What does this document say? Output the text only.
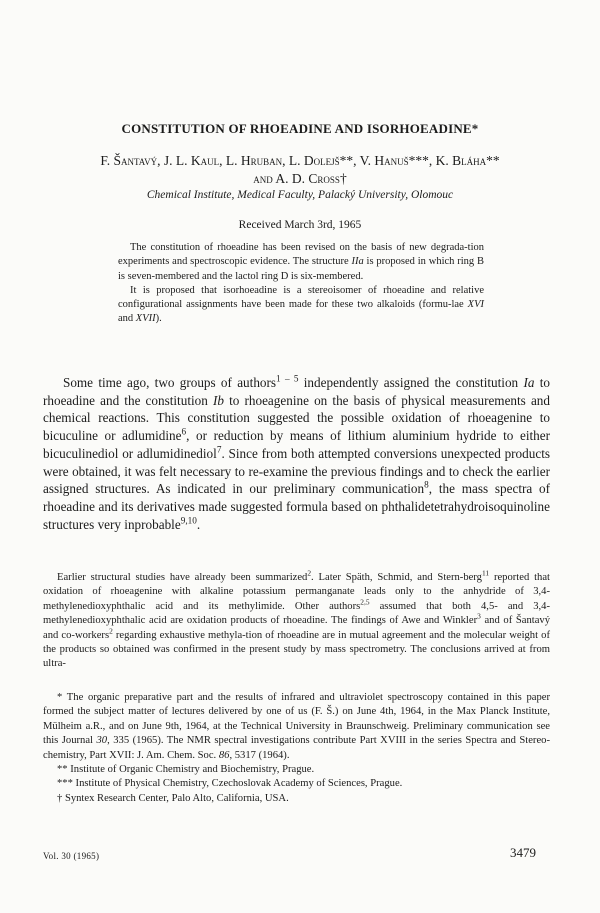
CONSTITUTION OF RHOEADINE AND ISORHOEADINE*
F. Šantavý, J. L. Kaul, L. Hruban, L. Dolejš**, V. Hanuš***, K. Bláha**
and A. D. Cross†
Chemical Institute, Medical Faculty, Palacký University, Olomouc
Received March 3rd, 1965

The constitution of rhoeadine has been revised on the basis of new degrada-tion experiments and spectroscopic evidence. The structure IIa is proposed in which ring B is seven-membered and the lactol ring D is six-membered.

It is proposed that isorhoeadine is a stereoisomer of rhoeadine and relative configurational assignments have been made for these two alkaloids (formu-lae XVI and XVII).

Some time ago, two groups of authors$^{1 - 5}$ independently assigned the constitution Ia to rhoeadine and the constitution Ib to rhoeagenine on the basis of physical measurements and chemical reactions. This constitution suggested the possible oxidation of rhoeagenine to bicuculine or adlumidine$^6$, or reduction by means of lithium aluminium hydride to either bicuculinediol or adlumidinediol$^7$. Since from both attempted conversions unexpected products were obtained, it was felt necessary to re-examine the previous findings and to check the earlier assigned structures. As indicated in our preliminary communication$^8$, the mass spectra of rhoeadine and its derivatives made suggested formula based on phthalidetetrahydroisoquinoline structures very inprobable$^{9,10}$.

Earlier structural studies have already been summarized$^2$. Later Späth, Schmid, and Stern-berg$^{11}$ reported that oxidation of rhoeagenine with alkaline potassium permanganate leads only to the anhydride of 3,4-methylenedioxyphthalic acid and its methylimide. Other authors$^{2,5}$ assumed that both 4,5- and 3,4-methylenedioxyphthalic acid are oxidation products of rhoeadine. The findings of Awe and Winkler$^3$ and of Šantavý and co-workers$^2$ regarding exhaustive methyla-tion of rhoeadine are in mutual agreement and the molecular weight of the products so obtained was confirmed in the present study by mass spectrometry. The conclusions arrived at from ultra-

* The organic preparative part and the results of infrared and ultraviolet spectroscopy contained in this paper formed the subject matter of lectures delivered by one of us (F. Š.) on June 4th, 1964, in the Max Planck Institute, Mülheim a.R., and on June 9th, 1964, at the Technical University in Braunschweig. Preliminary communication see this Journal 30, 335 (1965). The NMR spectral investigations contribute Part XVIII in the series Spectra and Stereo-chemistry, Part XVII: J. Am. Chem. Soc. 86, 5317 (1964).

** Institute of Organic Chemistry and Biochemistry, Prague.

*** Institute of Physical Chemistry, Czechoslovak Academy of Sciences, Prague.

† Syntex Research Center, Palo Alto, California, USA.

Vol. 30 (1965)	3479
